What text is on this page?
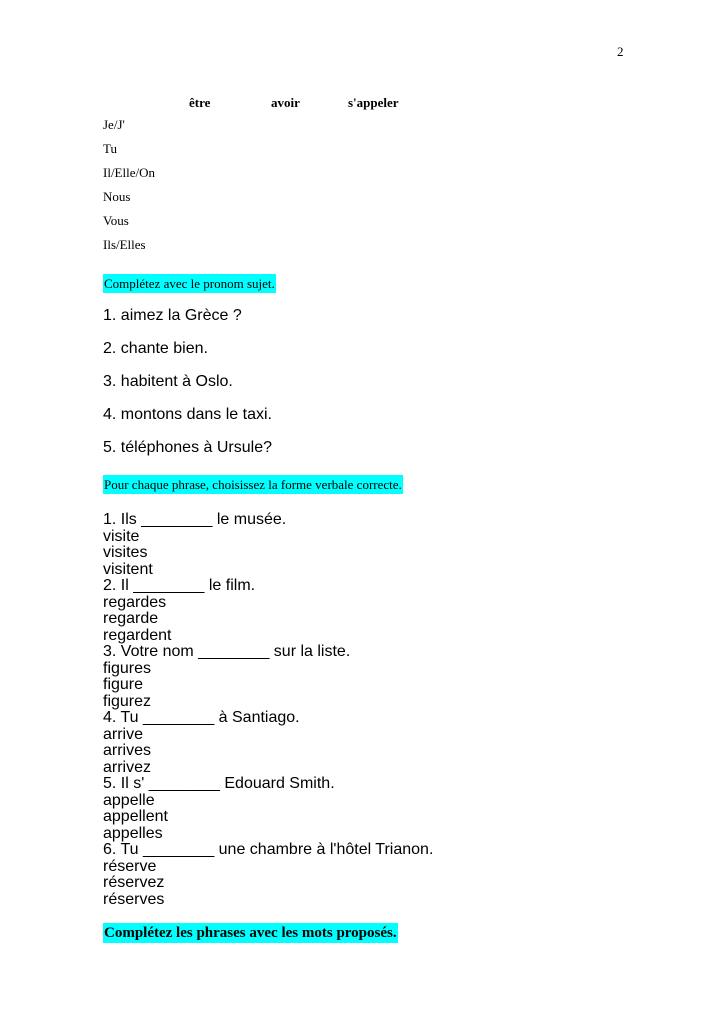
2
être	avoir	s'appeler
Je/J'
Tu
Il/Elle/On
Nous
Vous
Ils/Elles
Complétez avec le pronom sujet.
1. aimez la Grèce ?
2. chante bien.
3. habitent à Oslo.
4. montons dans le taxi.
5. téléphones à Ursule?
Pour chaque phrase, choisissez la forme verbale correcte.
1. Ils ________ le musée.
visite
visites
visitent
2. Il ________ le film.
regardes
regarde
regardent
3. Votre nom ________ sur la liste.
figures
figure
figurez
4. Tu ________ à Santiago.
arrive
arrives
arrivez
5. Il s' ________ Edouard Smith.
appelle
appellent
appelles
6. Tu ________ une chambre à l'hôtel Trianon.
réserve
réservez
réserves
Complétez les phrases avec les mots proposés.
